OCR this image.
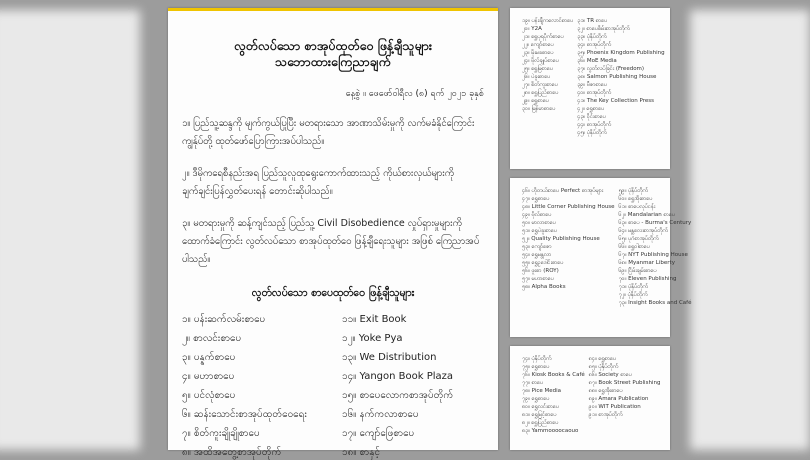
လွတ်လပ်သော စာအုပ်ထုတ်ဝေ ဖြန့်ချီသူများ
သဘောထားကြေညာချက်
နေ့စွဲ ။ ဖေဖော်ဝါရီလ (၈) ရက် ၂၀၂၁ ခုနှစ်

၁။ ပြည်သူ့ဆန္ဒကို မျက်ကွယ်ပြုပြီး မတရားသော အာဏာသိမ်းမှုကို လက်မခံနိုင်ကြောင်း ကျွန်ုပ်တို့ ထုတ်ဖော်ပြောကြားအပ်ပါသည်။

၂။ ဒီမိုကရေစီနည်းအရ ပြည်သူလူထုရွေးကောက်ထားသည့် ကိုယ်စားလှယ်များကို ချက်ချင်းပြန်လွှတ်ပေးရန် တောင်းဆိုပါသည်။

၃။ မတရားမှုကို ဆန့်ကျင်သည့် ပြည်သူ့ Civil Disobedience လှုပ်ရှားမှုများကို ထောက်ခံကြောင်း လွတ်လပ်သော စာအုပ်ထုတ်ဝေ ဖြန့်ချီရေးသူများ အဖြစ် ကြေညာအပ်ပါသည်။

လွတ်လပ်သော စာပေထုတ်ဝေ ဖြန့်ချီသူများ
၁။ ပန်းဆက်လမ်းစာပေ	၁၁။ Exit Book
၂။ စာလင်းစာပေ	၁၂။ Yoke Pya
၃။ ပန္နက်စာပေ	၁၃။ We Distribution
၄။ မဟာစာပေ	၁၄။ Yangon Book Plaza
၅။ ပင်လုံစာပေ	၁၅။ စာပေလောကစာအုပ်တိုက်
၆။ ဆန်းသောင်းစာအုပ်ထုတ်ဝေရေး	၁၆။ နက်ကလာစာပေ
၇။ စိတ်ကူးချိုချိုစာပေ	၁၇။ ကျော်ဖြေစာပေ
၈။ အထိအတွေ့စာအုပ်တိုက်	၁၈။ စာနှင့်
၁၉။ ပန်းချီကလောင်စာပေ ၃၁။ TR စာပေ
၂၀။ Y2A	၃၂။ စာပေစိမ်းစာအုပ်တိုက်
၂၁။ ရွှေပုရပိုက်စာပေ	၃၃။ ပုံနှိပ်တိုက်
၂၂။ ကျော်စာပေ	၃၄။ စာအုပ်တိုက်
၂၃။ မိုးမခစာပေ	၃၅။ Phoenix Kingdom Publishing
၂၄။ ဗိုလ်ချုပ်စာပေ	၃၆။ MoE Media
၂၅။ ရွှေမြစာပေ	၃၇။ လွတ်လပ်ခြင်း (Freedom)
၂၆။ ပဲခူးစာပေ	၃၈။ Salmon Publishing House
၂၇။ စိတ်ကူးစာပေ	၃၉။ ဗီဇာစာပေ
၂၈။ ရွှေပြည်စာပေ	၄၀။ စာအုပ်တိုက်
၂၉။ ရွှေစာပေ	၄၁။ The Key Collection Press
၃၀။ မြန်မာစာပေ	၄၂။ ရွှေစာပေ
၄၃။ ဝိုင်းစာပေ
၄၄။ စာအုပ်တိုက်
၄၅။ ပုံနှိပ်တိုက်
၄၆။ ဟိုတယ်စာပေ Perfect စာအုပ်များ	၅၉။ ပုံနှိပ်တိုက်
၄၇။ ရွှေစာပေ	၆၀။ ရွှေအိုးစာပေ
၄၈။ Little Corner Publishing House ၆၁။ စာပေလုပ်ငန်း
၄၉။ ဗိုလ်စာပေ	၆၂။ Mandalarian စာပေ
၅၀။ မာလာစာပေ	၆၃။ စာပေ - Burma's Century
၅၁။ ရွှေပဲခူးစာပေ	၆၄။ မန္တလေးစာအုပ်တိုက်
၅၂။ Quality Publishing House	၆၅။ ပုဂံစာအုပ်တိုက်
၅၃။ ကျော်ဇော	၆၆။ ရွှေဝါစာပေ
၅၄။ ရွှေမန္တလာ	၆၇။ NYT Publishing House
၅၅။ ရွှေဥဒေါင်းစာပေ	၆၈။ Myanmar Liberty
၅၆။ ဖူးစာ (ROY)	၆၉။ ငြိမ်းချမ်းစာပေ
၅၇။ မဟာစာပေ	၇၀။ Eleven Publishing
၅၈။ Alpha Books	၇၁။ ပုံနှိပ်တိုက်
၇၂။ ပုံနှိပ်တိုက်
၇၃။ Insight Books and Café
၇၄။ ပုံနှိပ်တိုက်	၈၄။ ရွှေစာပေ
၇၅။ ရွှေစာပေ	၈၅။ ပုံနှိပ်တိုက်
၇၆။ Kiosk Books & Café ၈၆။ Society စာပေ
၇၇။ စာပေ	၈၇။ Book Street Publishing
၇၈။ Pice Media	၈၈။ ရွှေအိုးစာပေ
၇၉။ ရွှေစာပေ	၈၉။ Amara Publication
၈၀။ ရွှေလင်းစာပေ	၉၀။ WIT Publication
၈၁။ ရွှေမြင့်စာပေ	၉၁။ စာအုပ်တိုက်
၈၂။ ရွှေပြည်စာပေ
၈၃။ Yammoooocaouo
